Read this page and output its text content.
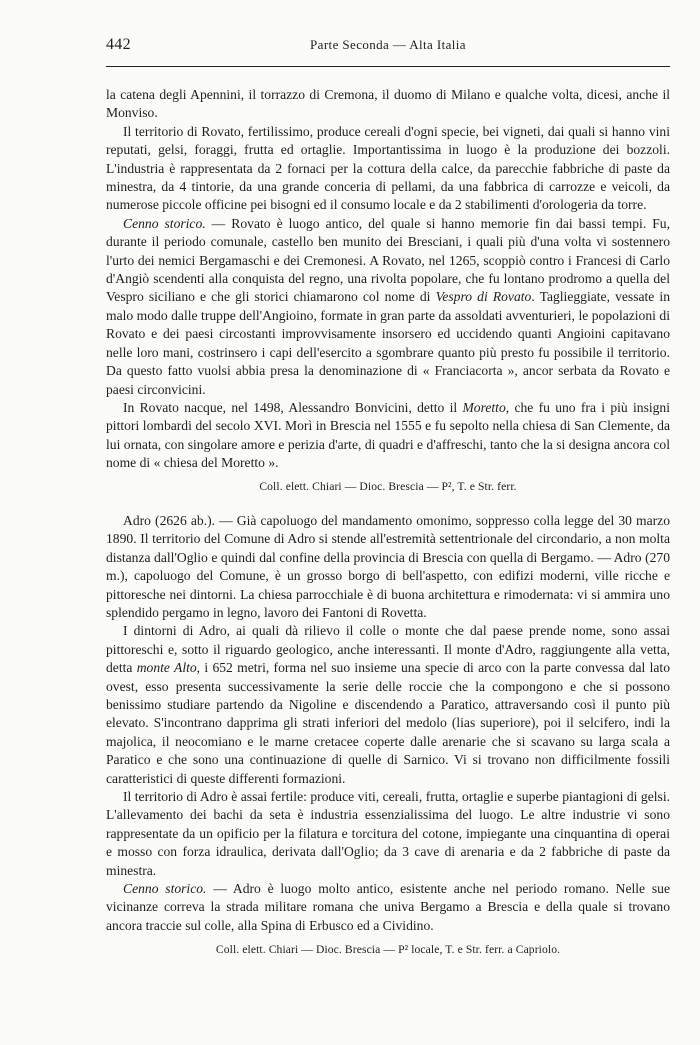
442	Parte Seconda — Alta Italia

la catena degli Apennini, il torrazzo di Cremona, il duomo di Milano e qualche volta, dicesi, anche il Monviso.

Il territorio di Rovato, fertilissimo, produce cereali d'ogni specie, bei vigneti, dai quali si hanno vini reputati, gelsi, foraggi, frutta ed ortaglie. Importantissima in luogo è la produzione dei bozzoli. L'industria è rappresentata da 2 fornaci per la cottura della calce, da parecchie fabbriche di paste da minestra, da 4 tintorie, da una grande conceria di pellami, da una fabbrica di carrozze e veicoli, da numerose piccole officine pei bisogni ed il consumo locale e da 2 stabilimenti d'orologeria da torre.

Cenno storico. — Rovato è luogo antico, del quale si hanno memorie fin dai bassi tempi. Fu, durante il periodo comunale, castello ben munito dei Bresciani, i quali più d'una volta vi sostennero l'urto dei nemici Bergamaschi e dei Cremonesi. A Rovato, nel 1265, scoppiò contro i Francesi di Carlo d'Angiò scendenti alla conquista del regno, una rivolta popolare, che fu lontano prodromo a quella del Vespro siciliano e che gli storici chiamarono col nome di Vespro di Rovato. Taglieggiate, vessate in malo modo dalle truppe dell'Angioino, formate in gran parte da assoldati avventurieri, le popolazioni di Rovato e dei paesi circostanti improvvisamente insorsero ed uccidendo quanti Angioini capitavano nelle loro mani, costrinsero i capi dell'esercito a sgombrare quanto più presto fu possibile il territorio. Da questo fatto vuolsi abbia presa la denominazione di « Franciacorta », ancor serbata da Rovato e paesi circonvicini.

In Rovato nacque, nel 1498, Alessandro Bonvicini, detto il Moretto, che fu uno fra i più insigni pittori lombardi del secolo XVI. Morì in Brescia nel 1555 e fu sepolto nella chiesa di San Clemente, da lui ornata, con singolare amore e perizia d'arte, di quadri e d'affreschi, tanto che la si designa ancora col nome di « chiesa del Moretto ».

Coll. elett. Chiari — Dioc. Brescia — P², T. e Str. ferr.

Adro (2626 ab.). — Già capoluogo del mandamento omonimo, soppresso colla legge del 30 marzo 1890. Il territorio del Comune di Adro si stende all'estremità settentrionale del circondario, a non molta distanza dall'Oglio e quindi dal confine della provincia di Brescia con quella di Bergamo. — Adro (270 m.), capoluogo del Comune, è un grosso borgo di bell'aspetto, con edifizi moderni, ville ricche e pittoresche nei dintorni. La chiesa parrocchiale è di buona architettura e rimodernata: vi si ammira uno splendido pergamo in legno, lavoro dei Fantoni di Rovetta.

I dintorni di Adro, ai quali dà rilievo il colle o monte che dal paese prende nome, sono assai pittoreschi e, sotto il riguardo geologico, anche interessanti. Il monte d'Adro, raggiungente alla vetta, detta monte Alto, i 652 metri, forma nel suo insieme una specie di arco con la parte convessa dal lato ovest, esso presenta successivamente la serie delle roccie che la compongono e che si possono benissimo studiare partendo da Nigoline e discendendo a Paratico, attraversando così il punto più elevato. S'incontrano dapprima gli strati inferiori del medolo (lias superiore), poi il selcifero, indi la majolica, il neocomiano e le marne cretacee coperte dalle arenarie che si scavano su larga scala a Paratico e che sono una continuazione di quelle di Sarnico. Vi si trovano non difficilmente fossili caratteristici di queste differenti formazioni.

Il territorio di Adro è assai fertile: produce viti, cereali, frutta, ortaglie e superbe piantagioni di gelsi. L'allevamento dei bachi da seta è industria essenzialissima del luogo. Le altre industrie vi sono rappresentate da un opificio per la filatura e torcitura del cotone, impiegante una cinquantina di operai e mosso con forza idraulica, derivata dall'Oglio; da 3 cave di arenaria e da 2 fabbriche di paste da minestra.

Cenno storico. — Adro è luogo molto antico, esistente anche nel periodo romano. Nelle sue vicinanze correva la strada militare romana che univa Bergamo a Brescia e della quale si trovano ancora traccie sul colle, alla Spina di Erbusco ed a Cividino.

Coll. elett. Chiari — Dioc. Brescia — P² locale, T. e Str. ferr. a Capriolo.
